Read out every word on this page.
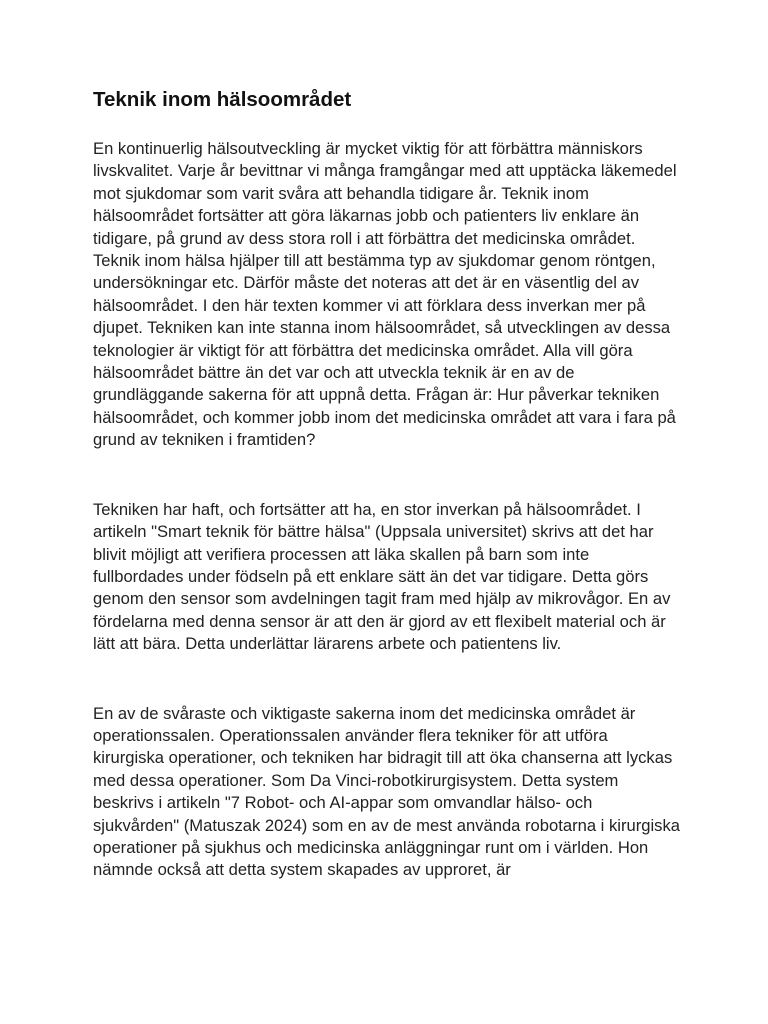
Teknik inom hälsoområdet

En kontinuerlig hälsoutveckling är mycket viktig för att förbättra människors livskvalitet. Varje år bevittnar vi många framgångar med att upptäcka läkemedel mot sjukdomar som varit svåra att behandla tidigare år. Teknik inom hälsoområdet fortsätter att göra läkarnas jobb och patienters liv enklare än tidigare, på grund av dess stora roll i att förbättra det medicinska området. Teknik inom hälsa hjälper till att bestämma typ av sjukdomar genom röntgen, undersökningar etc. Därför måste det noteras att det är en väsentlig del av hälsoområdet. I den här texten kommer vi att förklara dess inverkan mer på djupet. Tekniken kan inte stanna inom hälsoområdet, så utvecklingen av dessa teknologier är viktigt för att förbättra det medicinska området. Alla vill göra hälsoområdet bättre än det var och att utveckla teknik är en av de grundläggande sakerna för att uppnå detta. Frågan är: Hur påverkar tekniken hälsoområdet, och kommer jobb inom det medicinska området att vara i fara på grund av tekniken i framtiden?

Tekniken har haft, och fortsätter att ha, en stor inverkan på hälsoområdet. I artikeln "Smart teknik för bättre hälsa" (Uppsala universitet) skrivs att det har blivit möjligt att verifiera processen att läka skallen på barn som inte fullbordades under födseln på ett enklare sätt än det var tidigare. Detta görs genom den sensor som avdelningen tagit fram med hjälp av mikrovågor. En av fördelarna med denna sensor är att den är gjord av ett flexibelt material och är lätt att bära. Detta underlättar lärarens arbete och patientens liv.

En av de svåraste och viktigaste sakerna inom det medicinska området är operationssalen. Operationssalen använder flera tekniker för att utföra kirurgiska operationer, och tekniken har bidragit till att öka chanserna att lyckas med dessa operationer. Som Da Vinci-robotkirurgisystem. Detta system beskrivs i artikeln "7 Robot- och AI-appar som omvandlar hälso- och sjukvården" (Matuszak 2024) som en av de mest använda robotarna i kirurgiska operationer på sjukhus och medicinska anläggningar runt om i världen. Hon nämnde också att detta system skapades av upproret, är
